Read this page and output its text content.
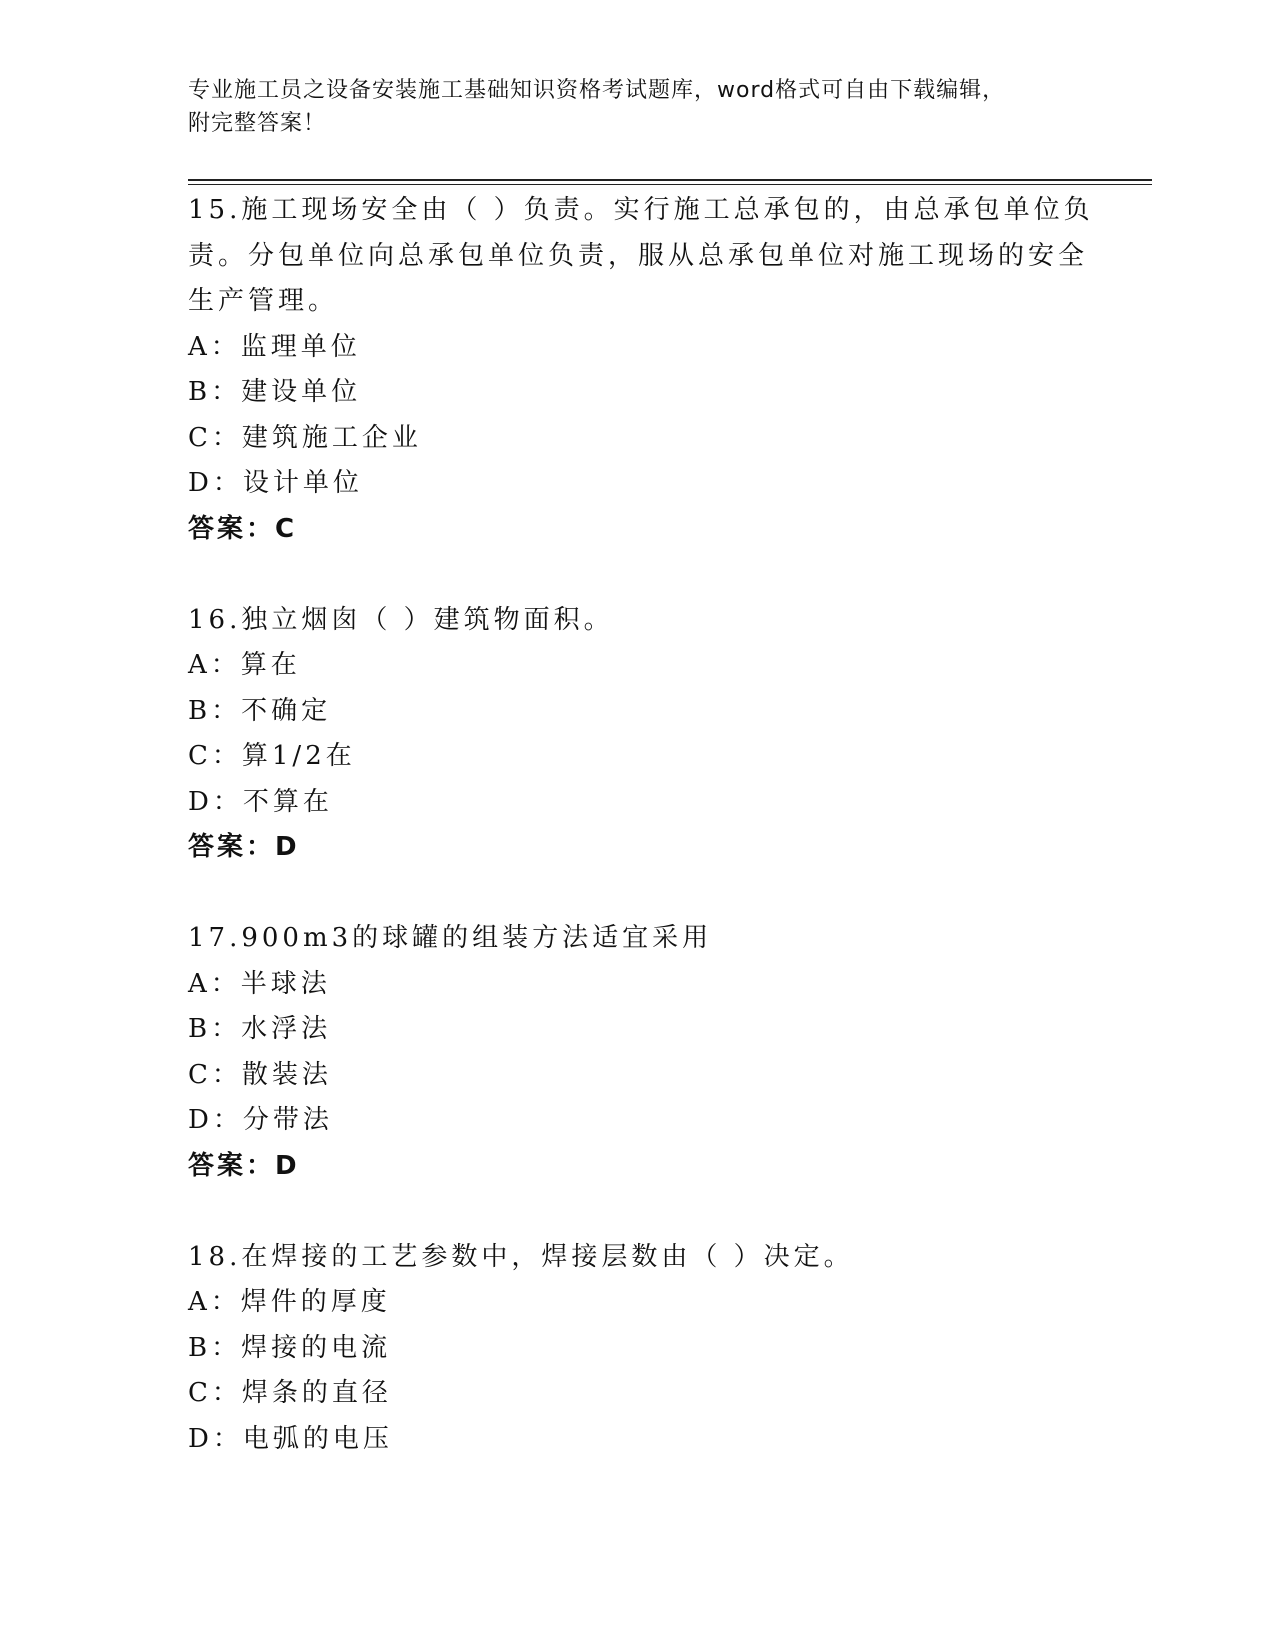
专业施工员之设备安装施工基础知识资格考试题库，word格式可自由下载编辑，
附完整答案！
15.施工现场安全由（ ）负责。实行施工总承包的，由总承包单位负
责。分包单位向总承包单位负责，服从总承包单位对施工现场的安全
生产管理。
A：监理单位
B：建设单位
C：建筑施工企业
D：设计单位
答案：C
16.独立烟囱（ ）建筑物面积。
A：算在
B：不确定
C：算1/2在
D：不算在
答案：D
17.900m3的球罐的组装方法适宜采用
A：半球法
B：水浮法
C：散装法
D：分带法
答案：D
18.在焊接的工艺参数中，焊接层数由（ ）决定。
A：焊件的厚度
B：焊接的电流
C：焊条的直径
D：电弧的电压
